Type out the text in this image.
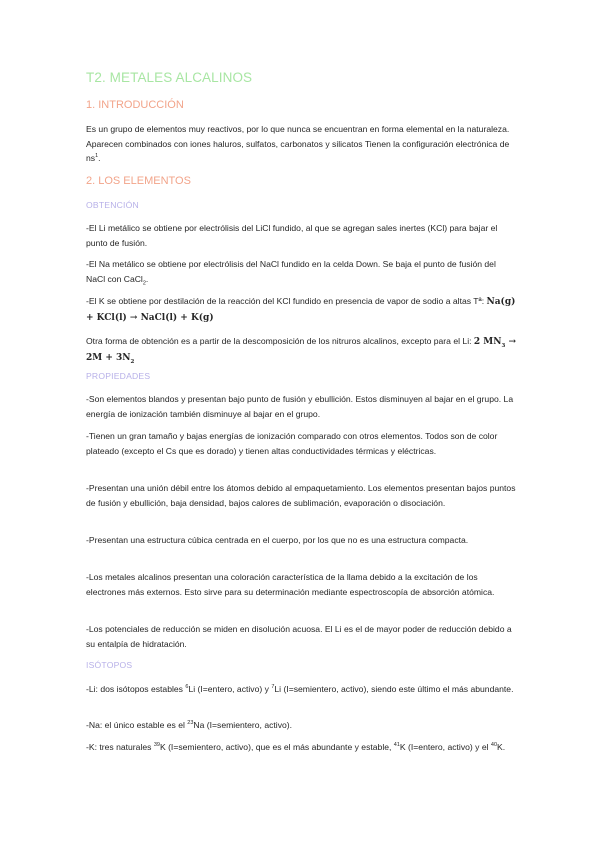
T2. METALES ALCALINOS
1. INTRODUCCIÓN
Es un grupo de elementos muy reactivos, por lo que nunca se encuentran en forma elemental en la naturaleza. Aparecen combinados con iones haluros, sulfatos, carbonatos y silicatos Tienen la configuración electrónica de $ns^1$.
2. LOS ELEMENTOS
OBTENCIÓN
-El Li metálico se obtiene por electrólisis del LiCl fundido, al que se agregan sales inertes (KCl) para bajar el punto de fusión.
-El Na metálico se obtiene por electrólisis del NaCl fundido en la celda Down. Se baja el punto de fusión del NaCl con CaCl$_2$.
-El K se obtiene por destilación de la reacción del KCl fundido en presencia de vapor de sodio a altas Tª: Na(g) + KCl(l) → NaCl(l) + K(g)
Otra forma de obtención es a partir de la descomposición de los nitruros alcalinos, excepto para el Li: 2 $MN_3 \to 2M + 3N_2$
PROPIEDADES
-Son elementos blandos y presentan bajo punto de fusión y ebullición. Estos disminuyen al bajar en el grupo. La energía de ionización también disminuye al bajar en el grupo.
-Tienen un gran tamaño y bajas energías de ionización comparado con otros elementos. Todos son de color plateado (excepto el Cs que es dorado) y tienen altas conductividades térmicas y eléctricas.
-Presentan una unión débil entre los átomos debido al empaquetamiento. Los elementos presentan bajos puntos de fusión y ebullición, baja densidad, bajos calores de sublimación, evaporación o disociación.
-Presentan una estructura cúbica centrada en el cuerpo, por los que no es una estructura compacta.
-Los metales alcalinos presentan una coloración característica de la llama debido a la excitación de los electrones más externos. Esto sirve para su determinación mediante espectroscopía de absorción atómica.
-Los potenciales de reducción se miden en disolución acuosa. El Li es el de mayor poder de reducción debido a su entalpía de hidratación.
ISÓTOPOS
-Li: dos isótopos estables $^6$Li (I=entero, activo) y $^7$Li (I=semientero, activo), siendo este último el más abundante.
-Na: el único estable es el $^{23}$Na (I=semientero, activo).
-K: tres naturales $^{39}$K (I=semientero, activo), que es el más abundante y estable, $^{41}$K (I=entero, activo) y el $^{40}$K.
